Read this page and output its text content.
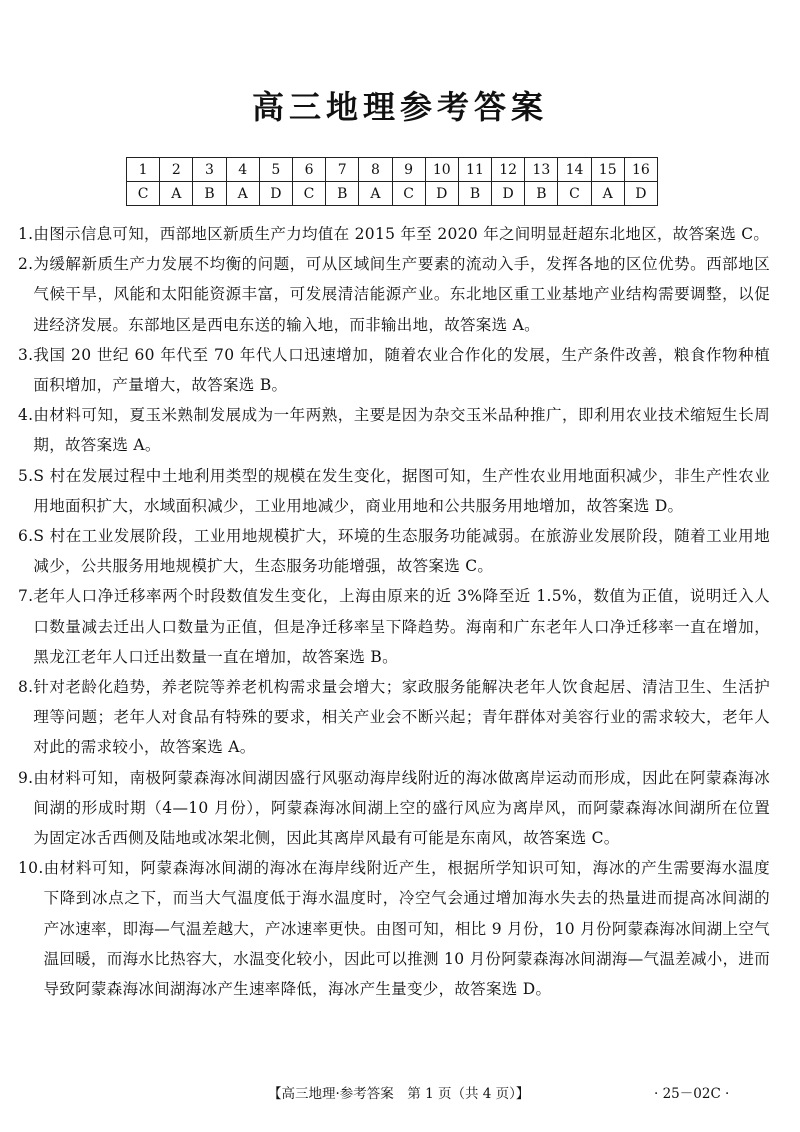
高三地理参考答案
1	2	3	4	5	6	7	8	9	10	11	12	13	14	15	16
C	A	B	A	D	C	B	A	C	D	B	D	B	C	A	D
1. 由图示信息可知，西部地区新质生产力均值在 2015 年至 2020 年之间明显赶超东北地区，故答案选 C。
2. 为缓解新质生产力发展不均衡的问题，可从区域间生产要素的流动入手，发挥各地的区位优势。西部地区气候干旱，风能和太阳能资源丰富，可发展清洁能源产业。东北地区重工业基地产业结构需要调整，以促进经济发展。东部地区是西电东送的输入地，而非输出地，故答案选 A。
3. 我国 20 世纪 60 年代至 70 年代人口迅速增加，随着农业合作化的发展，生产条件改善，粮食作物种植面积增加，产量增大，故答案选 B。
4. 由材料可知，夏玉米熟制发展成为一年两熟，主要是因为杂交玉米品种推广，即利用农业技术缩短生长周期，故答案选 A。
5. S 村在发展过程中土地利用类型的规模在发生变化，据图可知，生产性农业用地面积减少，非生产性农业用地面积扩大，水域面积减少，工业用地减少，商业用地和公共服务用地增加，故答案选 D。
6. S 村在工业发展阶段，工业用地规模扩大，环境的生态服务功能减弱。在旅游业发展阶段，随着工业用地减少，公共服务用地规模扩大，生态服务功能增强，故答案选 C。
7. 老年人口净迁移率两个时段数值发生变化，上海由原来的近 3%降至近 1.5%，数值为正值，说明迁入人口数量减去迁出人口数量为正值，但是净迁移率呈下降趋势。海南和广东老年人口净迁移率一直在增加，黑龙江老年人口迁出数量一直在增加，故答案选 B。
8. 针对老龄化趋势，养老院等养老机构需求量会增大；家政服务能解决老年人饮食起居、清洁卫生、生活护理等问题；老年人对食品有特殊的要求，相关产业会不断兴起；青年群体对美容行业的需求较大，老年人对此的需求较小，故答案选 A。
9. 由材料可知，南极阿蒙森海冰间湖因盛行风驱动海岸线附近的海冰做离岸运动而形成，因此在阿蒙森海冰间湖的形成时期（4—10 月份），阿蒙森海冰间湖上空的盛行风应为离岸风，而阿蒙森海冰间湖所在位置为固定冰舌西侧及陆地或冰架北侧，因此其离岸风最有可能是东南风，故答案选 C。
10. 由材料可知，阿蒙森海冰间湖的海冰在海岸线附近产生，根据所学知识可知，海冰的产生需要海水温度下降到冰点之下，而当大气温度低于海水温度时，冷空气会通过增加海水失去的热量进而提高冰间湖的产冰速率，即海—气温差越大，产冰速率更快。由图可知，相比 9 月份，10 月份阿蒙森海冰间湖上空气温回暖，而海水比热容大，水温变化较小，因此可以推测 10 月份阿蒙森海冰间湖海—气温差减小，进而导致阿蒙森海冰间湖海冰产生速率降低，海冰产生量变少，故答案选 D。
【高三地理·参考答案　第 1 页（共 4 页）】	· 25－02C ·
